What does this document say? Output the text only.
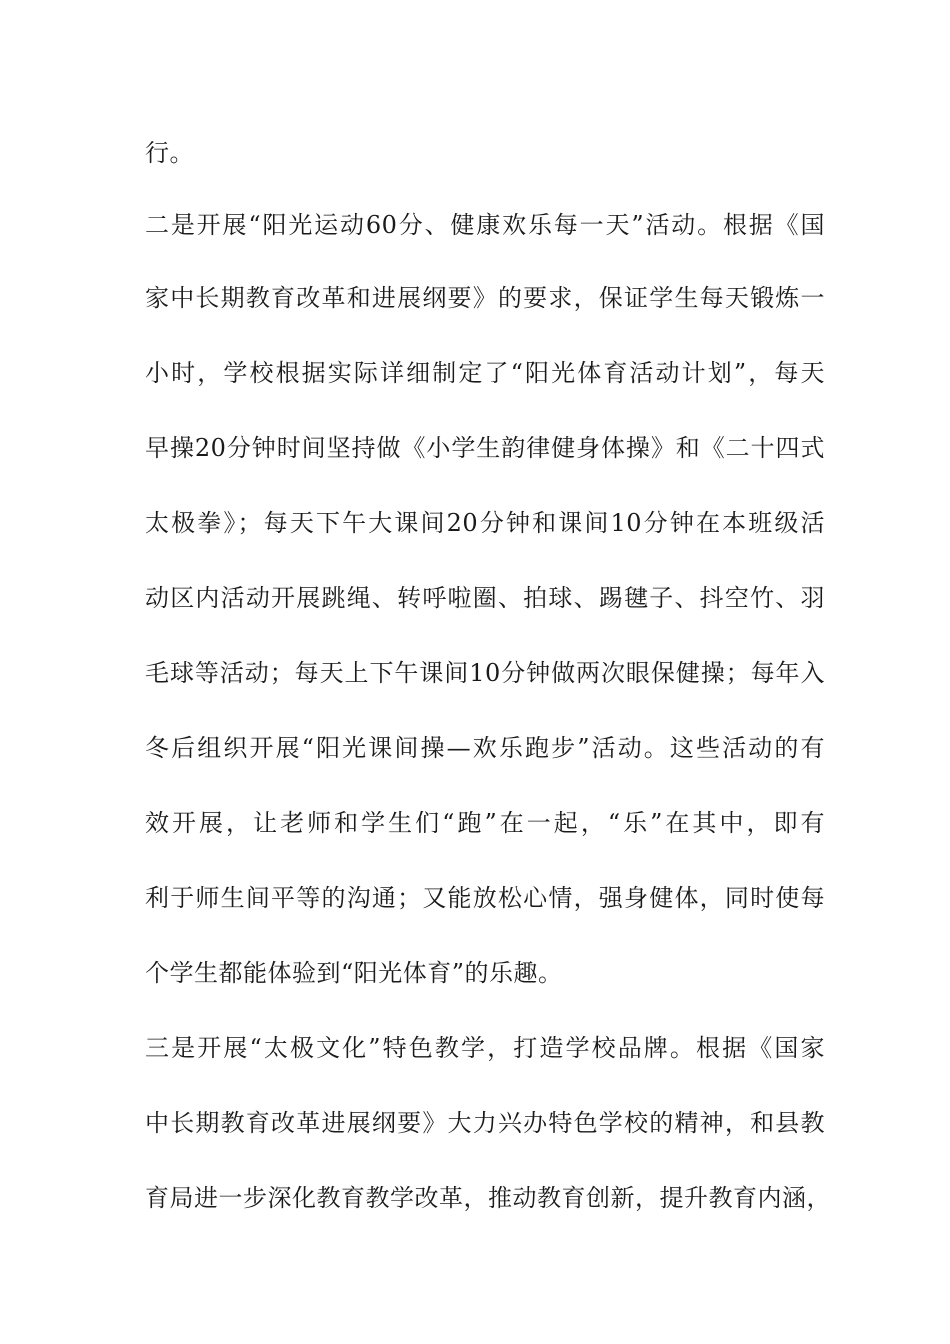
行。
二是开展“阳光运动60分、健康欢乐每一天”活动。根据《国
家中长期教育改革和进展纲要》的要求，保证学生每天锻炼一
小时，学校根据实际详细制定了“阳光体育活动计划”，每天
早操20分钟时间坚持做《小学生韵律健身体操》和《二十四式
太极拳》；每天下午大课间20分钟和课间10分钟在本班级活
动区内活动开展跳绳、转呼啦圈、拍球、踢毽子、抖空竹、羽
毛球等活动；每天上下午课间10分钟做两次眼保健操；每年入
冬后组织开展“阳光课间操—欢乐跑步”活动。这些活动的有
效开展，让老师和学生们“跑”在一起，“乐”在其中，即有
利于师生间平等的沟通；又能放松心情，强身健体，同时使每
个学生都能体验到“阳光体育”的乐趣。
三是开展“太极文化”特色教学，打造学校品牌。根据《国家
中长期教育改革进展纲要》大力兴办特色学校的精神，和县教
育局进一步深化教育教学改革，推动教育创新，提升教育内涵，
